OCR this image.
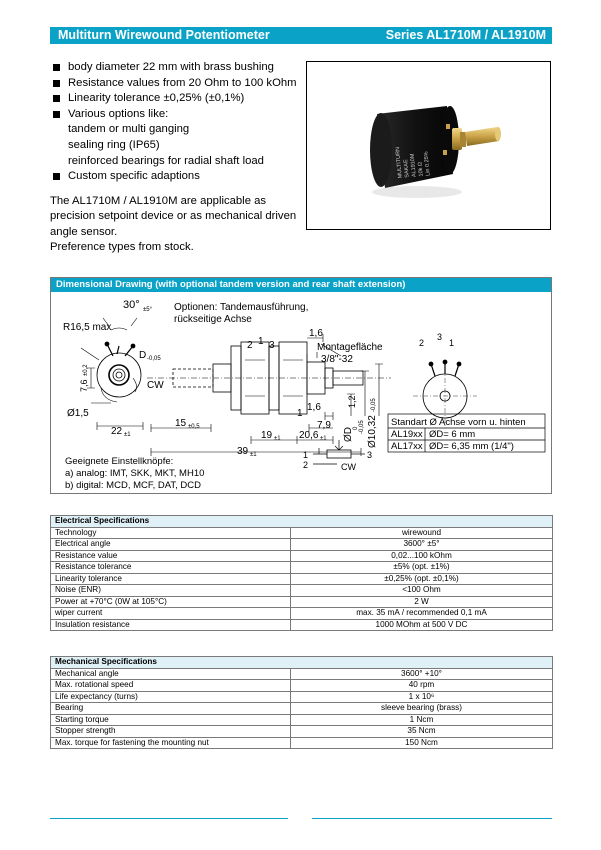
Multiturn Wirewound Potentiometer	Series AL1710M / AL1910M
body diameter 22 mm with brass bushing
Resistance values from 20 Ohm to 100 kOhm
Linearity tolerance ±0,25% (±0,1%)
Various options like:
tandem or multi ganging
sealing ring (IP65)
reinforced bearings for radial shaft load
Custom specific adaptions
The AL1710M / AL1910M are applicable as
precision setpoint device or as mechanical driven
angle sensor.
Preference types from stock.
MULTITURN SAKAE
AL1910M 10k Ω
Lin 0.25%
Dimensional Drawing (with optional tandem version and rear shaft extension)
Optionen: Tandemausführung,
rückseitige Achse
30° ±5°
R16,5 max
D -0,05
CW
Ø1,5
7,6
±0,2
22 ±1
15 ±0,5
39 ±1
19 ±1 20,6 ±1
2 1 3
1,6
Montagefläche
3/8"-32
1
1,6	1,2
7,9
ØD 0 -0,05 Ø10,32
-0,05
3
2	1
Standart Ø Achse vorn u. hinten
AL19xx ØD= 6 mm
AL17xx ØD= 6,35 mm (1/4")
1	3
2	CW
Geeignete Einstellknöpfe:
a) analog: IMT, SKK, MKT, MH10
b) digital: MCD, MCF, DAT, DCD
Electrical Specifications	
Technology	wirewound
Electrical angle	3600° ±5°
Resistance value	0,02...100 kOhm
Resistance tolerance	±5% (opt. ±1%)
Linearity tolerance	±0,25% (opt. ±0,1%)
Noise (ENR)	<100 Ohm
Power at +70°C (0W at 105°C)	2 W
wiper current	max. 35 mA / recommended 0,1 mA
Insulation resistance	1000 MOhm at 500 V DC
Mechanical Specifications	
Mechanical angle	3600° +10°
Max. rotational speed	40 rpm
Life expectancy (turns)	1 x 10⁶
Bearing	sleeve bearing (brass)
Starting torque	1 Ncm
Stopper strength	35 Ncm
Max. torque for fastening the mounting nut	150 Ncm
